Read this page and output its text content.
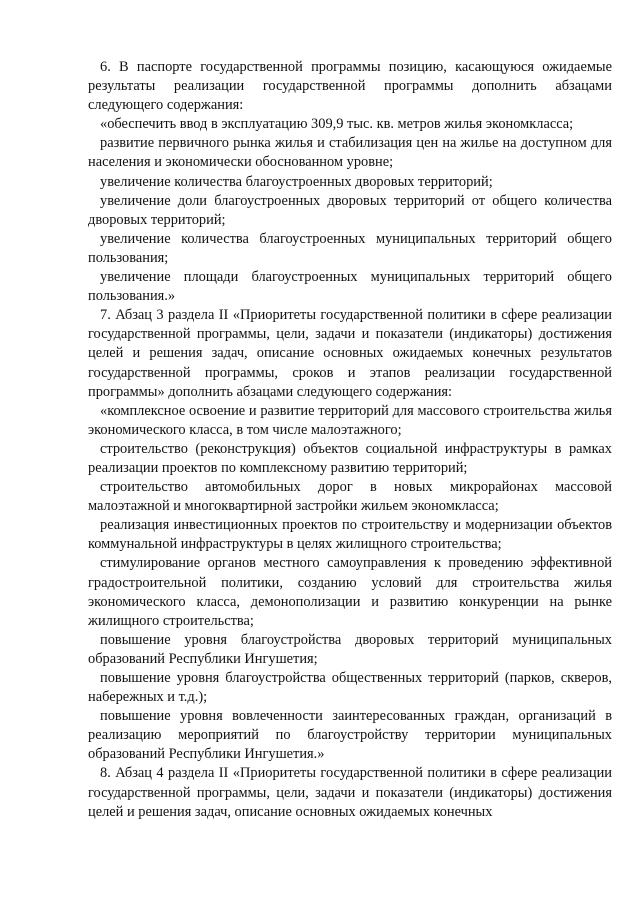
6. В паспорте государственной программы позицию, касающуюся ожидаемые результаты реализации государственной программы дополнить абзацами следующего содержания:

«обеспечить ввод в эксплуатацию 309,9 тыс. кв. метров жилья экономкласса;

развитие первичного рынка жилья и стабилизация цен на жилье на доступном для населения и экономически обоснованном уровне;

увеличение количества благоустроенных дворовых территорий;

увеличение доли благоустроенных дворовых территорий от общего количества дворовых территорий;

увеличение количества благоустроенных муниципальных территорий общего пользования;

увеличение площади благоустроенных муниципальных территорий общего пользования.»

7. Абзац 3 раздела II «Приоритеты государственной политики в сфере реализации государственной программы, цели, задачи и показатели (индикаторы) достижения целей и решения задач, описание основных ожидаемых конечных результатов государственной программы, сроков и этапов реализации государственной программы» дополнить абзацами следующего содержания:

«комплексное освоение и развитие территорий для массового строительства жилья экономического класса, в том числе малоэтажного;

строительство (реконструкция) объектов социальной инфраструктуры в рамках реализации проектов по комплексному развитию территорий;

строительство автомобильных дорог в новых микрорайонах массовой малоэтажной и многоквартирной застройки жильем экономкласса;

реализация инвестиционных проектов по строительству и модернизации объектов коммунальной инфраструктуры в целях жилищного строительства;

стимулирование органов местного самоуправления к проведению эффективной градостроительной политики, созданию условий для строительства жилья экономического класса, демонополизации и развитию конкуренции на рынке жилищного строительства;

повышение уровня благоустройства дворовых территорий муниципальных образований Республики Ингушетия;

повышение уровня благоустройства общественных территорий (парков, скверов, набережных и т.д.);

повышение уровня вовлеченности заинтересованных граждан, организаций в реализацию мероприятий по благоустройству территории муниципальных образований Республики Ингушетия.»

8. Абзац 4 раздела II «Приоритеты государственной политики в сфере реализации государственной программы, цели, задачи и показатели (индикаторы) достижения целей и решения задач, описание основных ожидаемых конечных
